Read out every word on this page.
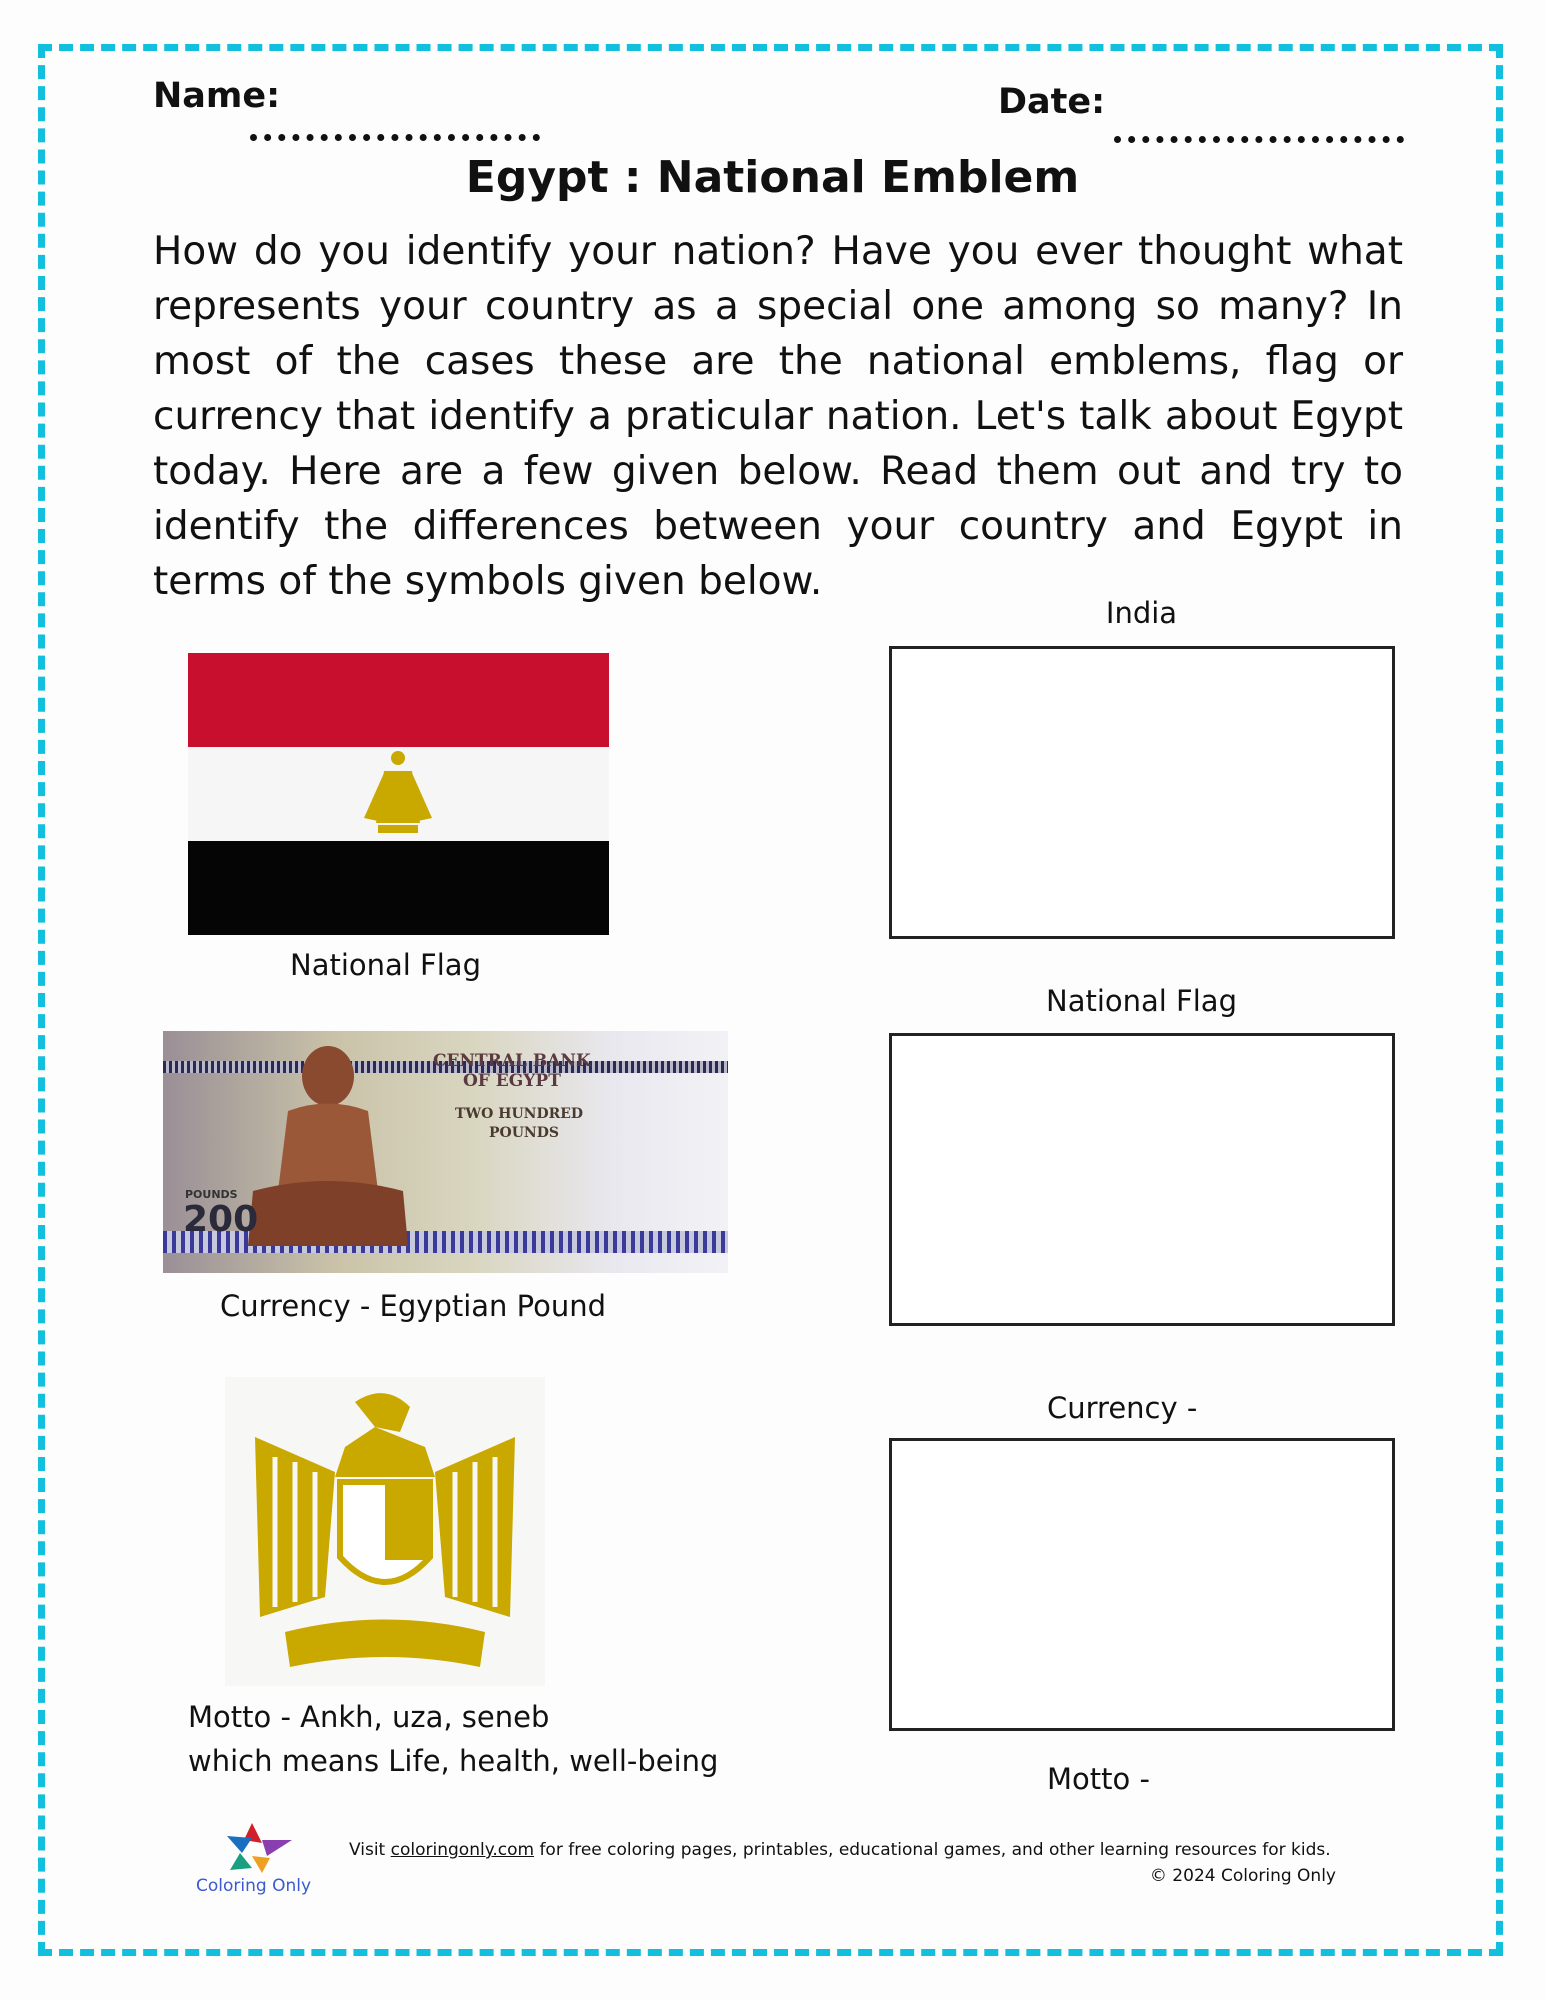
Name:	Date:
Egypt : National Emblem
How do you identify your nation? Have you ever thought what represents your country as a special one among so many? In most of the cases these are the national emblems, flag or currency that identify a praticular nation. Let's talk about Egypt today. Here are a few given below. Read them out and try to identify the differences between your country and Egypt in terms of the symbols given below.
National Flag
CENTRAL BANK
OF EGYPT
TWO HUNDRED
POUNDS
POUNDS
200
Currency - Egyptian Pound
Motto - Ankh, uza, seneb
which means Life, health, well-being
India
National Flag
Currency -
Motto -
Coloring Only
Visit coloringonly.com for free coloring pages, printables, educational games, and other learning resources for kids.
© 2024 Coloring Only
